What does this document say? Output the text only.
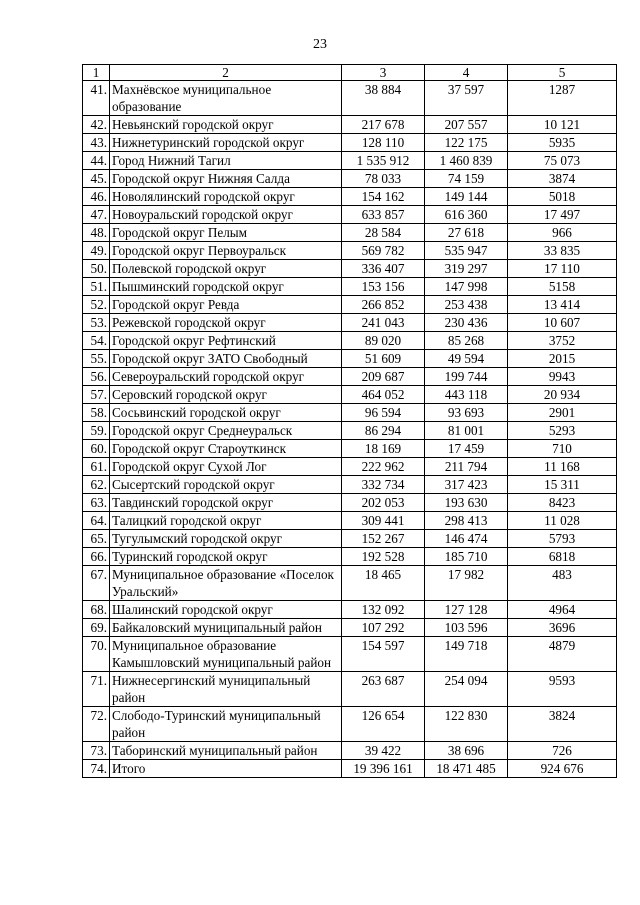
23
1	2	3	4	5
41.	Махнёвское муниципальное образование	38 884	37 597	1287
42.	Невьянский городской округ	217 678	207 557	10 121
43.	Нижнетуринский городской округ	128 110	122 175	5935
44.	Город Нижний Тагил	1 535 912	1 460 839	75 073
45.	Городской округ Нижняя Салда	78 033	74 159	3874
46.	Новолялинский городской округ	154 162	149 144	5018
47.	Новоуральский городской округ	633 857	616 360	17 497
48.	Городской округ Пелым	28 584	27 618	966
49.	Городской округ Первоуральск	569 782	535 947	33 835
50.	Полевской городской округ	336 407	319 297	17 110
51.	Пышминский городской округ	153 156	147 998	5158
52.	Городской округ Ревда	266 852	253 438	13 414
53.	Режевской городской округ	241 043	230 436	10 607
54.	Городской округ Рефтинский	89 020	85 268	3752
55.	Городской округ ЗАТО Свободный	51 609	49 594	2015
56.	Североуральский городской округ	209 687	199 744	9943
57.	Серовский городской округ	464 052	443 118	20 934
58.	Сосьвинский городской округ	96 594	93 693	2901
59.	Городской округ Среднеуральск	86 294	81 001	5293
60.	Городской округ Староуткинск	18 169	17 459	710
61.	Городской округ Сухой Лог	222 962	211 794	11 168
62.	Сысертский городской округ	332 734	317 423	15 311
63.	Тавдинский городской округ	202 053	193 630	8423
64.	Талицкий городской округ	309 441	298 413	11 028
65.	Тугулымский городской округ	152 267	146 474	5793
66.	Туринский городской округ	192 528	185 710	6818
67.	Муниципальное образование «Поселок Уральский»	18 465	17 982	483
68.	Шалинский городской округ	132 092	127 128	4964
69.	Байкаловский муниципальный район	107 292	103 596	3696
70.	Муниципальное образование Камышловский муниципальный район	154 597	149 718	4879
71.	Нижнесергинский муниципальный район	263 687	254 094	9593
72.	Слободо-Туринский муниципальный район	126 654	122 830	3824
73.	Таборинский муниципальный район	39 422	38 696	726
74.	Итого	19 396 161	18 471 485	924 676
